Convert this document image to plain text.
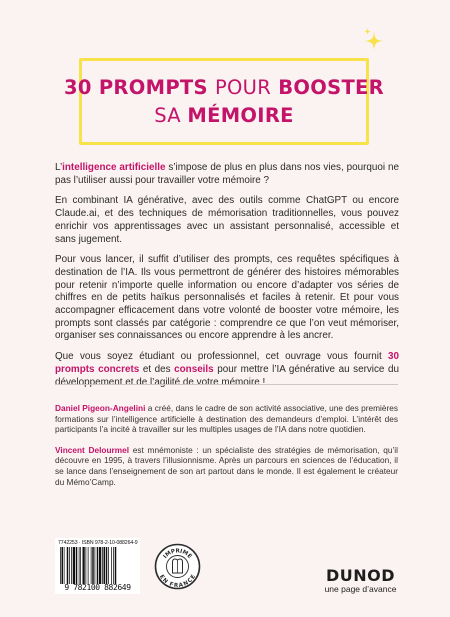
30 PROMPTS POUR BOOSTER
SA MÉMOIRE

L’intelligence artificielle s’impose de plus en plus dans nos vies, pourquoi ne pas l’utiliser aussi pour travailler votre mémoire ?

En combinant IA générative, avec des outils comme ChatGPT ou encore Claude.ai, et des techniques de mémorisation traditionnelles, vous pouvez enrichir vos apprentissages avec un assistant personnalisé, accessible et sans jugement.

Pour vous lancer, il suffit d’utiliser des prompts, ces requêtes spécifiques à destination de l’IA. Ils vous permettront de générer des histoires mémorables pour retenir n’importe quelle information ou encore d’adapter vos séries de chiffres en de petits haïkus personnalisés et faciles à retenir. Et pour vous accompagner efficacement dans votre volonté de booster votre mémoire, les prompts sont classés par catégorie : comprendre ce que l’on veut mémoriser, organiser ses connaissances ou encore apprendre à les ancrer.

Que vous soyez étudiant ou professionnel, cet ouvrage vous fournit 30 prompts concrets et des conseils pour mettre l’IA générative au service du développement et de l’agilité de votre mémoire !

Daniel Pigeon-Angelini a créé, dans le cadre de son activité associative, une des premières formations sur l’intelligence artificielle à destination des demandeurs d’emploi. L’intérêt des participants l’a incité à travailler sur les multiples usages de l’IA dans notre quotidien.

Vincent Delourmel est mnémoniste : un spécialiste des stratégies de mémorisation, qu’il découvre en 1995, à travers l’illusionnisme. Après un parcours en sciences de l’éducation, il se lance dans l’enseignement de son art partout dans le monde. Il est également le créateur du Mémo’Camp.

7742253 · ISBN 978-2-10-088264-9
9 782100 882649
IMPRIMÉ
EN FRANCE	DUNOD
une page d’avance
